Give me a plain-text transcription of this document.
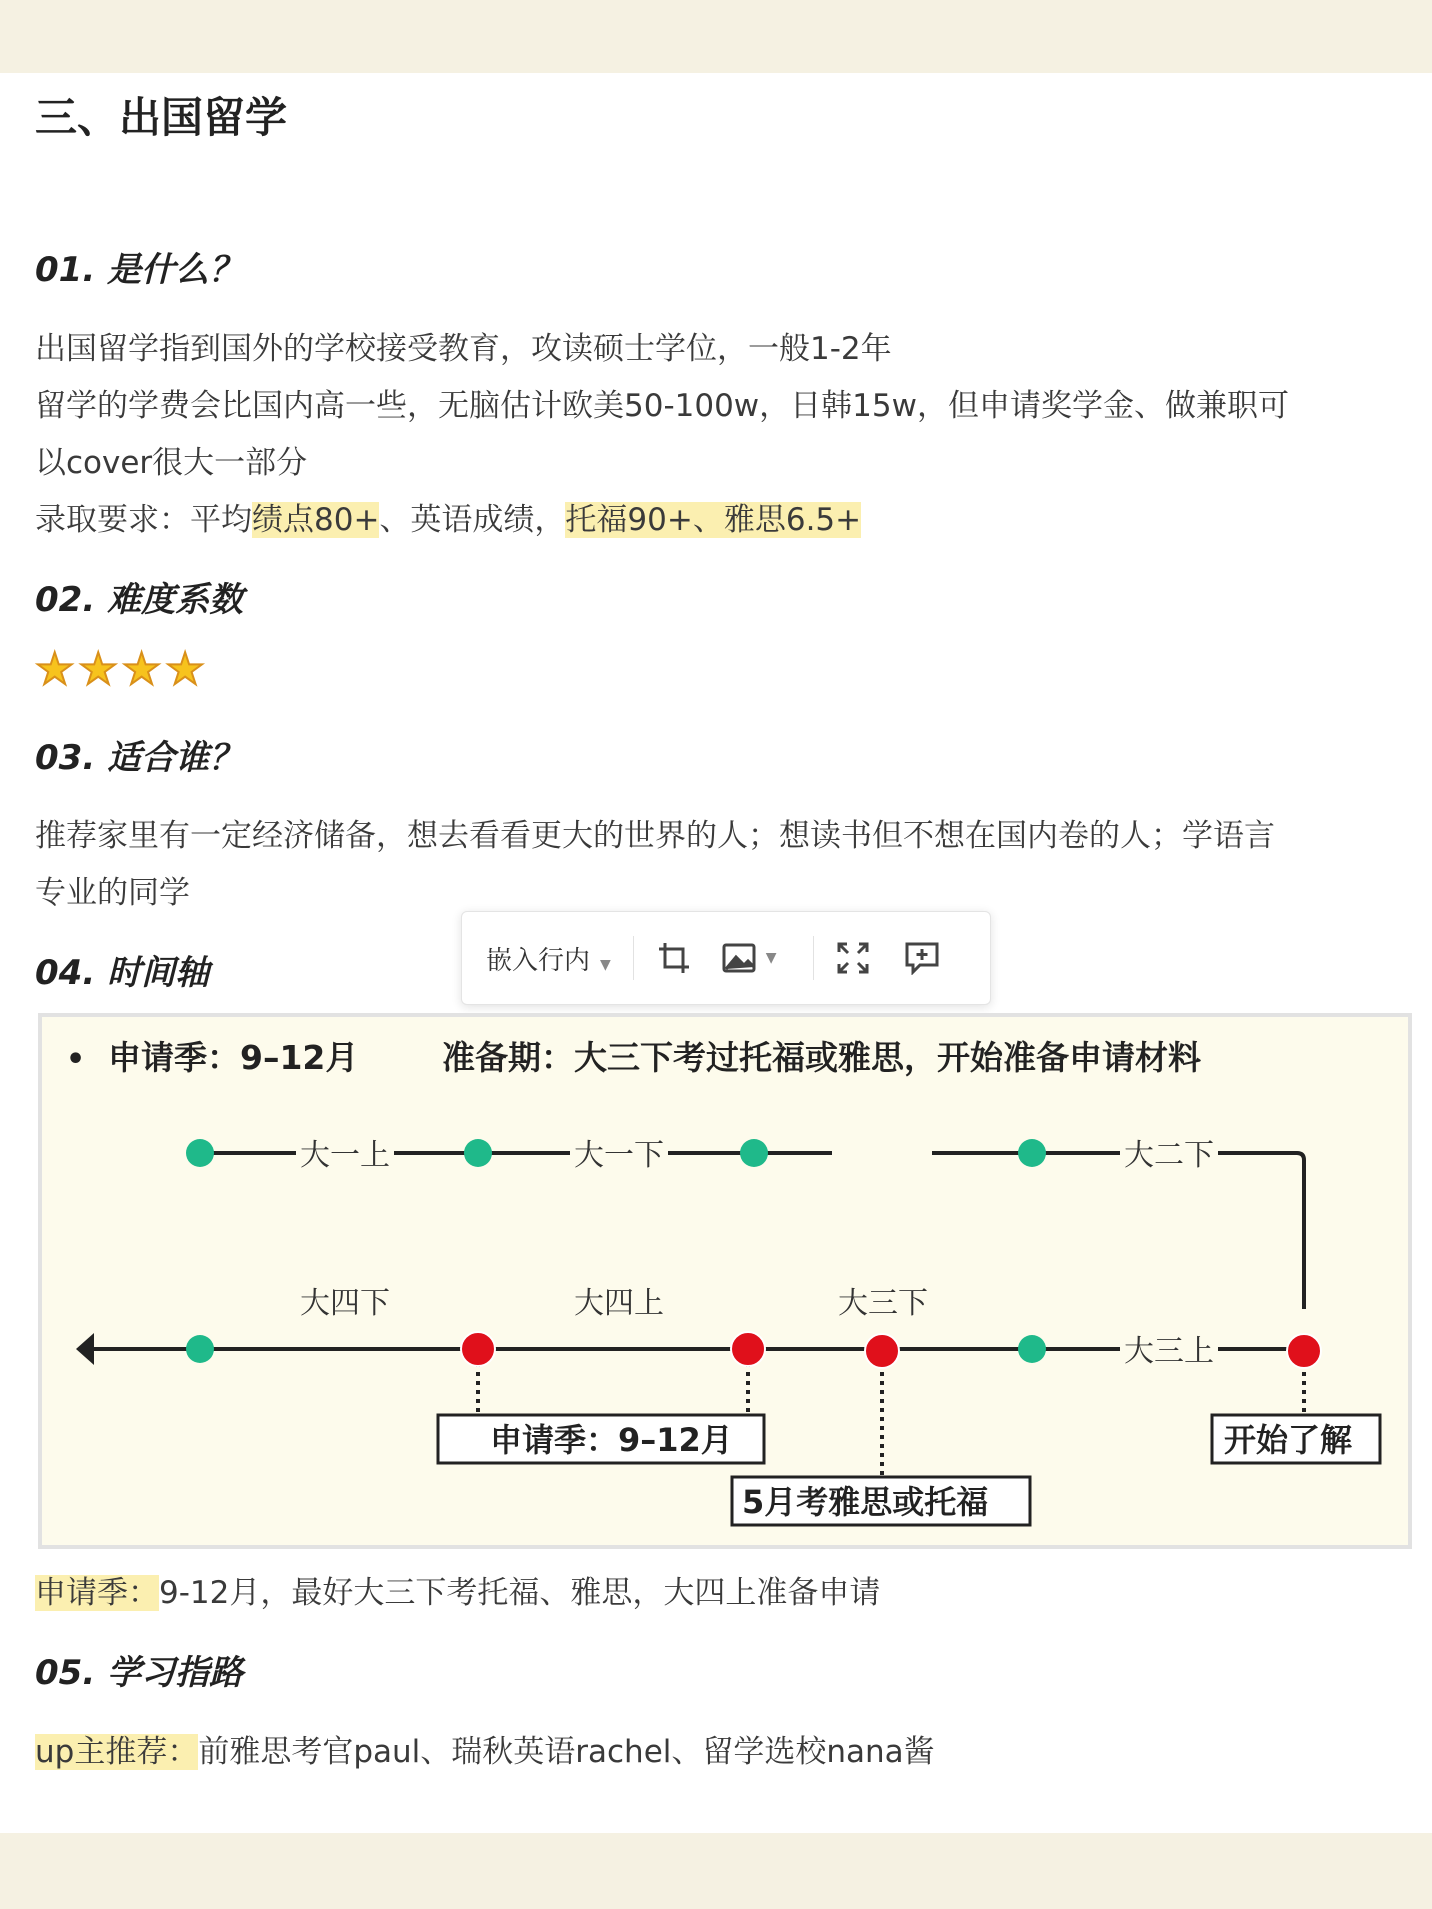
三、出国留学
01. 是什么？
出国留学指到国外的学校接受教育，攻读硕士学位，一般1-2年
留学的学费会比国内高一些，无脑估计欧美50-100w，日韩15w，但申请奖学金、做兼职可
以cover很大一部分
录取要求：平均绩点80+、英语成绩，托福90+、雅思6.5+
02. 难度系数
★ ★ ★ ★
03. 适合谁？
推荐家里有一定经济储备，想去看看更大的世界的人；想读书但不想在国内卷的人；学语言
专业的同学
04. 时间轴	嵌入行内 ▼	▼
• 申请季：9–12月	准备期：大三下考过托福或雅思，开始准备申请材料
大一上	大一下	大二下
大三上
大四下	大四上	大三下
申请季：9–12月
5月考雅思或托福
开始了解
申请季：9-12月，最好大三下考托福、雅思，大四上准备申请
05. 学习指路
up主推荐：前雅思考官paul、瑞秋英语rachel、留学选校nana酱
